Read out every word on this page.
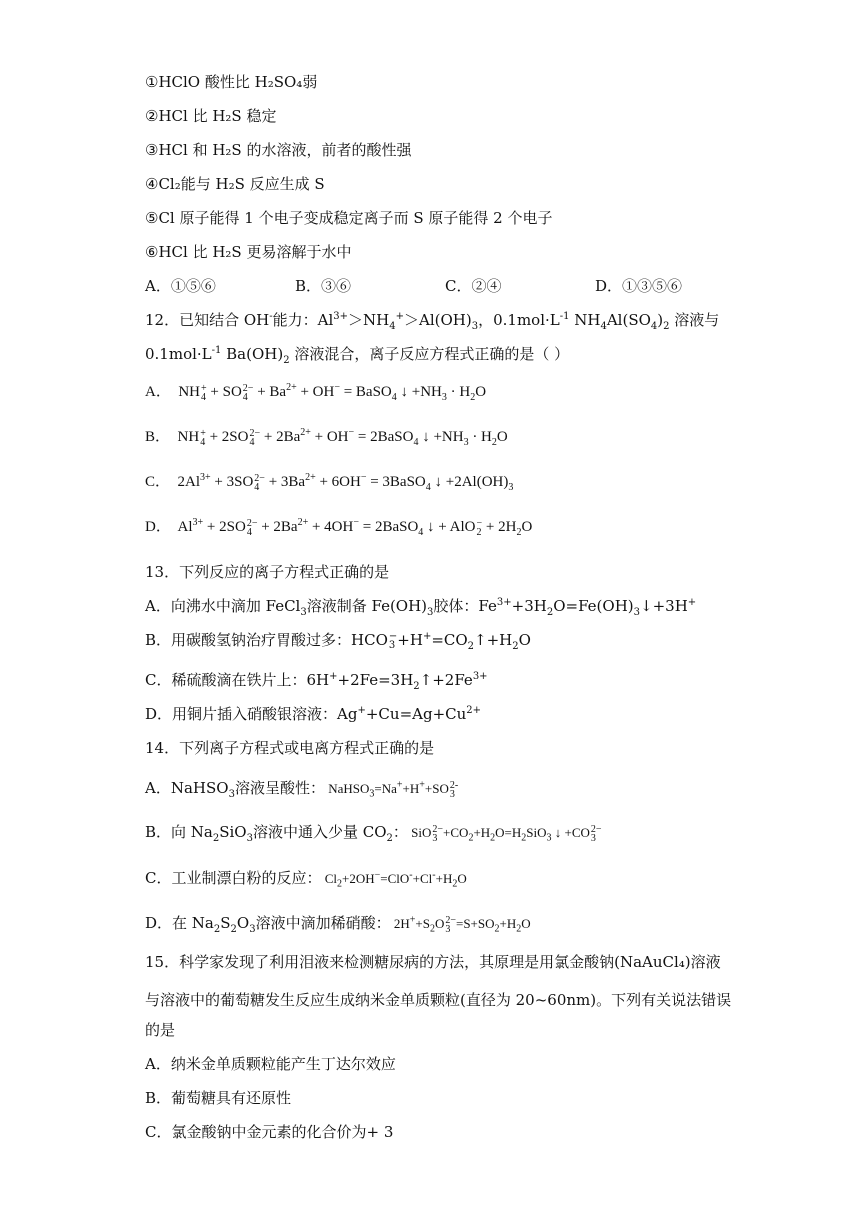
①HClO 酸性比 H₂SO₄弱
②HCl 比 H₂S 稳定
③HCl 和 H₂S 的水溶液，前者的酸性强
④Cl₂能与 H₂S 反应生成 S
⑤Cl 原子能得 1 个电子变成稳定离子而 S 原子能得 2 个电子
⑥HCl 比 H₂S 更易溶解于水中
A．①⑤⑥	B．③⑥	C．②④	D．①③⑤⑥
12．已知结合 OH-能力：$Al^{3+}>NH_4^+>Al(OH)_3$，$0.1mol\cdot L^{-1}$ $NH_4Al(SO_4)_2$ 溶液与
$0.1mol\cdot L^{-1}$ $Ba(OH)_2$ 溶液混合，离子反应方程式正确的是（ ）
A．  NH +
4 + SO 2−
$4 + Ba^{2+} + OH^-$ = BaSO$_4$ ↓ $+NH_3 \cdot H_2O$
B．  NH +
4 + 2SO 2−
$4 + 2Ba^{2+} + OH^-$ = 2BaSO$_4$ ↓ $+NH_3 \cdot H_2O$
C．  $2Al^{3+} + 3SO$ 2−
$4 + 3Ba^{2+} + 6OH^-$ = 3BaSO$_4$ ↓ $+2Al(OH)_3$
D．  $Al^{3+} + 2SO$ 2−
$4 + 2Ba^{2+} + 4OH^-$ = 2BaSO$_4$ ↓ + AlO −
$2 + 2H_2O$
13．下列反应的离子方程式正确的是
A．向沸水中滴加 FeCl$_3$溶液制备 $Fe(OH)_3$胶体：$Fe^{3+}+3H_2O=Fe(OH)_3↓+3H^+$
B．用碳酸氢钠治疗胃酸过多：HCO −
$3 +H^+=CO_2↑+H_2O$
C．稀硫酸滴在铁片上：$6H^++2Fe=3H_2↑+2Fe^{3+}$
D．用铜片插入硝酸银溶液：$Ag^++Cu=Ag+Cu^{2+}$
14．下列离子方程式或电离方程式正确的是
A．NaHSO$_3$溶液呈酸性： NaHSO$_3$=Na++H++SO 2-
3
B．向 $Na_2SiO_3$溶液中通入少量 $CO_2$： SiO 2−
$3 +CO_2+H_2O=H_2SiO_3$ ↓ +CO 2−
3
C．工业制漂白粉的反应： $Cl_2+2OH^-=ClO^-+Cl^-+H_2O$
D．在 $Na_2S_2O_3$溶液中滴加稀硝酸： $2H^++S_2O$ 2−
$3 =S+SO_2+H_2O$
15．科学家发现了利用泪液来检测糖尿病的方法，其原理是用氯金酸钠(NaAuCl₄)溶液
与溶液中的葡萄糖发生反应生成纳米金单质颗粒(直径为 20~60nm)。下列有关说法错误
的是
A．纳米金单质颗粒能产生丁达尔效应
B．葡萄糖具有还原性
C．氯金酸钠中金元素的化合价为+ 3
